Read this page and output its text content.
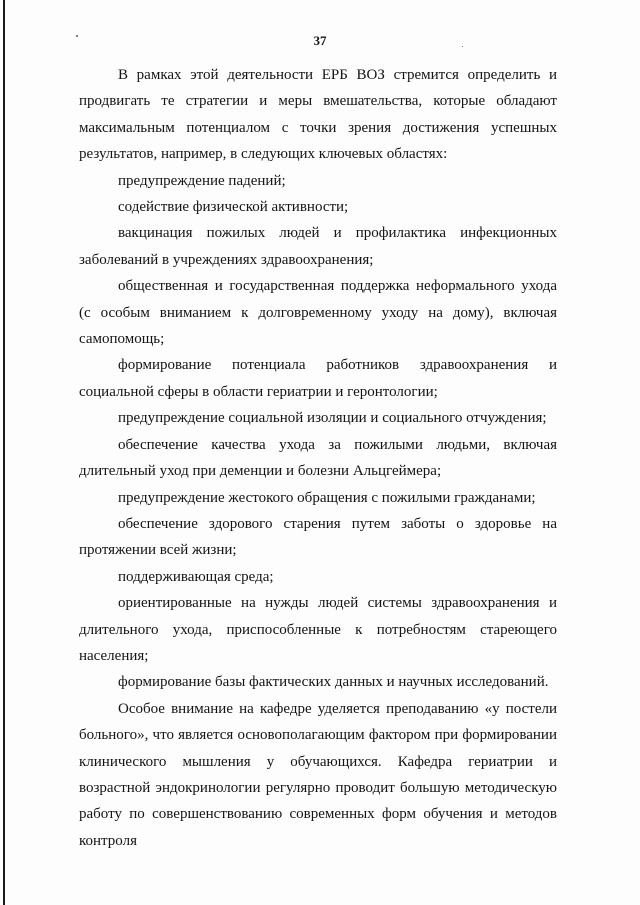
37

В рамках этой деятельности ЕРБ ВОЗ стремится определить и продвигать те стратегии и меры вмешательства, которые обладают максимальным потенциалом с точки зрения достижения успешных результатов, например, в следующих ключевых областях:

предупреждение падений;

содействие физической активности;

вакцинация пожилых людей и профилактика инфекционных заболеваний в учреждениях здравоохранения;

общественная и государственная поддержка неформального ухода (с особым вниманием к долговременному уходу на дому), включая самопомощь;

формирование потенциала работников здравоохранения и социальной сферы в области гериатрии и геронтологии;

предупреждение социальной изоляции и социального отчуждения;

обеспечение качества ухода за пожилыми людьми, включая длительный уход при деменции и болезни Альцгеймера;

предупреждение жестокого обращения с пожилыми гражданами;

обеспечение здорового старения путем заботы о здоровье на протяжении всей жизни;

поддерживающая среда;

ориентированные на нужды людей системы здравоохранения и длительного ухода, приспособленные к потребностям стареющего населения;

формирование базы фактических данных и научных исследований.

Особое внимание на кафедре уделяется преподаванию «у постели больного», что является основополагающим фактором при формировании клинического мышления у обучающихся. Кафедра гериатрии и возрастной эндокринологии регулярно проводит большую методическую работу по совершенствованию современных форм обучения и методов контроля
